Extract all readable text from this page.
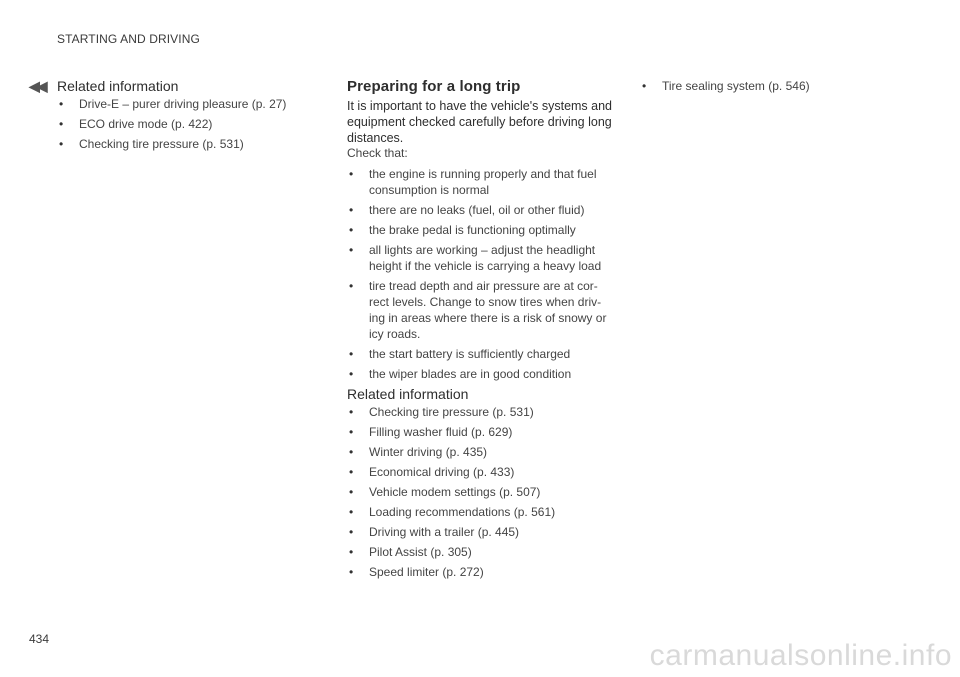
STARTING AND DRIVING
◀◀ Related information
• Drive-E – purer driving pleasure (p. 27)
• ECO drive mode (p. 422)
• Checking tire pressure (p. 531)
Preparing for a long trip

It is important to have the vehicle's systems and equipment checked carefully before driving long distances.

Check that:

• the engine is running properly and that fuel consumption is normal
• there are no leaks (fuel, oil or other fluid)
• the brake pedal is functioning optimally
• all lights are working – adjust the headlight height if the vehicle is carrying a heavy load
• tire tread depth and air pressure are at cor-rect levels. Change to snow tires when driv-ing in areas where there is a risk of snowy or icy roads.
• the start battery is sufficiently charged
• the wiper blades are in good condition
Related information
• Checking tire pressure (p. 531)
• Filling washer fluid (p. 629)
• Winter driving (p. 435)
• Economical driving (p. 433)
• Vehicle modem settings (p. 507)
• Loading recommendations (p. 561)
• Driving with a trailer (p. 445)
• Pilot Assist (p. 305)
• Speed limiter (p. 272)
• Tire sealing system (p. 546)
434	carmanualsonline.info
